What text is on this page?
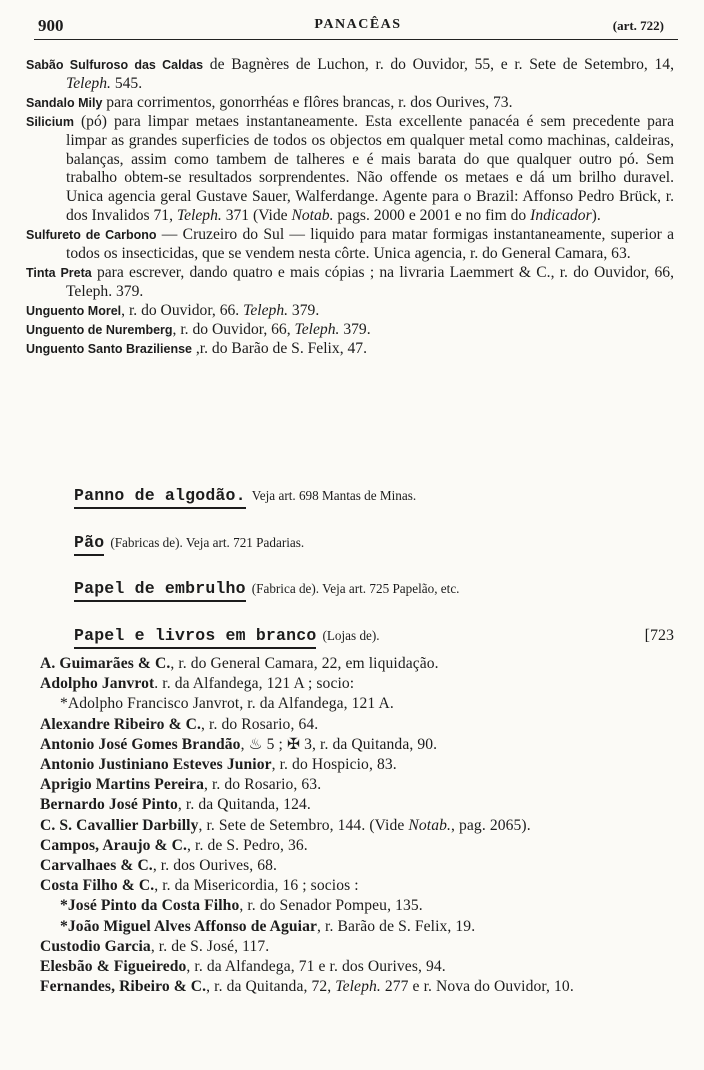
900	PANACÊAS	(art. 722)
Sabão Sulfuroso das Caldas de Bagnères de Luchon, r. do Ouvidor, 55, e r. Sete de Setembro, 14, Teleph. 545.
Sandalo Mily para corrimentos, gonorrhéas e flôres brancas, r. dos Ourives, 73.
Silicium (pó) para limpar metaes instantaneamente. Esta excellente panacéa é sem precedente para limpar as grandes superficies de todos os objectos em qualquer metal como machinas, caldeiras, balanças, assim como tambem de talheres e é mais barata do que qualquer outro pó. Sem trabalho obtem-se resultados sorprendentes. Não offende os metaes e dá um brilho duravel. Unica agencia geral Gustave Sauer, Walferdange. Agente para o Brazil: Affonso Pedro Brück, r. dos Invalidos 71, Teleph. 371 (Vide Notab. pags. 2000 e 2001 e no fim do Indicador).
Sulfureto de Carbono — Cruzeiro do Sul — liquido para matar formigas instantaneamente, superior a todos os insecticidas, que se vendem nesta côrte. Unica agencia, r. do General Camara, 63.
Tinta Preta para escrever, dando quatro e mais cópias ; na livraria Laemmert & C., r. do Ouvidor, 66, Teleph. 379.
Unguento Morel, r. do Ouvidor, 66. Teleph. 379.
Unguento de Nuremberg, r. do Ouvidor, 66, Teleph. 379.
Unguento Santo Braziliense ,r. do Barão de S. Felix, 47.
Panno de algodão. Veja art. 698 Mantas de Minas.
Pão (Fabricas de). Veja art. 721 Padarias.
Papel de embrulho (Fabrica de). Veja art. 725 Papelão, etc.
Papel e livros em branco (Lojas de).	[723
A. Guimarães & C., r. do General Camara, 22, em liquidação.
Adolpho Janvrot. r. da Alfandega, 121 A ; socio:
*Adolpho Francisco Janvrot, r. da Alfandega, 121 A.
Alexandre Ribeiro & C., r. do Rosario, 64.
Antonio José Gomes Brandão, ♨ 5 ; ✠ 3, r. da Quitanda, 90.
Antonio Justiniano Esteves Junior, r. do Hospicio, 83.
Aprigio Martins Pereira, r. do Rosario, 63.
Bernardo José Pinto, r. da Quitanda, 124.
C. S. Cavallier Darbilly, r. Sete de Setembro, 144. (Vide Notab., pag. 2065).
Campos, Araujo & C., r. de S. Pedro, 36.
Carvalhaes & C., r. dos Ourives, 68.
Costa Filho & C., r. da Misericordia, 16 ; socios :
*José Pinto da Costa Filho, r. do Senador Pompeu, 135.
*João Miguel Alves Affonso de Aguiar, r. Barão de S. Felix, 19.
Custodio Garcia, r. de S. José, 117.
Elesbão & Figueiredo, r. da Alfandega, 71 e r. dos Ourives, 94.
Fernandes, Ribeiro & C., r. da Quitanda, 72, Teleph. 277 e r. Nova do Ouvidor, 10.
